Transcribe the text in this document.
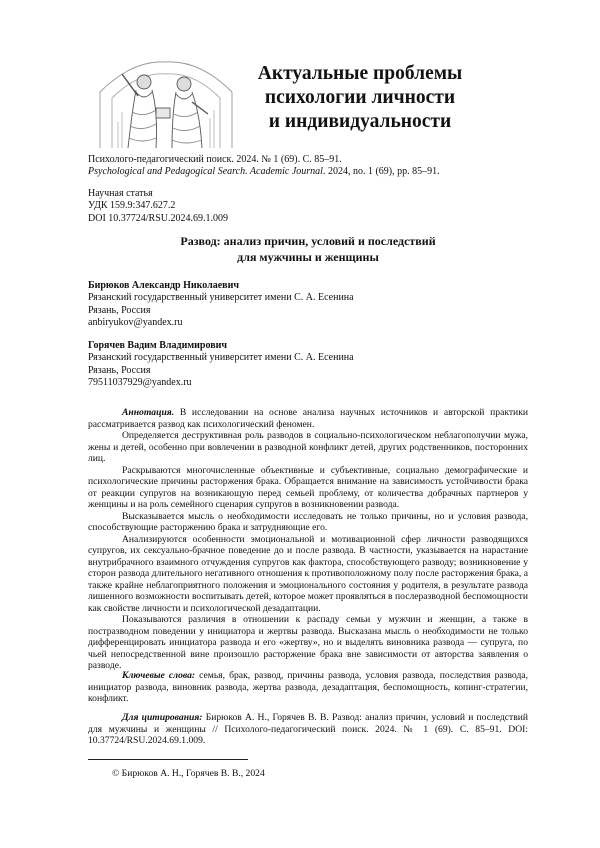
Актуальные проблемы
психологии личности
и индивидуальности
Психолого-педагогический поиск. 2024. № 1 (69). С. 85–91.
Psychological and Pedagogical Search. Academic Journal. 2024, no. 1 (69), pp. 85–91.
Научная статья
УДК 159.9:347.627.2
DOI 10.37724/RSU.2024.69.1.009
Развод: анализ причин, условий и последствий
для мужчины и женщины
Бирюков Александр Николаевич
Рязанский государственный университет имени С. А. Есенина
Рязань, Россия
anbiryukov@yandex.ru
Горячев Вадим Владимирович
Рязанский государственный университет имени С. А. Есенина
Рязань, Россия
79511037929@yandex.ru

Аннотация. В исследовании на основе анализа научных источников и авторской практики рассматривается развод как психологический феномен.

Определяется деструктивная роль разводов в социально-психологическом неблагополучии мужа, жены и детей, особенно при вовлечении в разводной конфликт детей, других родственников, посторонних лиц.

Раскрываются многочисленные объективные и субъективные, социально демографические и психологические причины расторжения брака. Обращается внимание на зависимость устойчивости брака от реакции супругов на возникающую перед семьей проблему, от количества добрачных партнеров у женщины и на роль семейного сценария супругов в возникновении развода.

Высказывается мысль о необходимости исследовать не только причины, но и условия развода, способствующие расторжению брака и затрудняющие его.

Анализируются особенности эмоциональной и мотивационной сфер личности разводящихся супругов, их сексуально-брачное поведение до и после развода. В частности, указывается на нарастание внутрибрачного взаимного отчуждения супругов как фактора, способствующего разводу; возникновение у сторон развода длительного негативного отношения к противоположному полу после расторжения брака, а также крайне неблагоприятного положения и эмоционального состояния у родителя, в результате развода лишенного возможности воспитывать детей, которое может проявляться в послеразводной беспомощности как свойстве личности и психологической дезадаптации.

Показываются различия в отношении к распаду семьи у мужчин и женщин, а также в постразводном поведении у инициатора и жертвы развода. Высказана мысль о необходимости не только дифференцировать инициатора развода и его «жертву», но и выделять виновника развода — супруга, по чьей непосредственной вине произошло расторжение брака вне зависимости от авторства заявления о разводе.

Ключевые слова: семья, брак, развод, причины развода, условия развода, последствия развода, инициатор развода, виновник развода, жертва развода, дезадаптация, беспомощность, копинг-стратегии, конфликт.

Для цитирования: Бирюков А. Н., Горячев В. В. Развод: анализ причин, условий и последствий для мужчины и женщины // Психолого-педагогический поиск. 2024. № 1 (69). С. 85–91. DOI: 10.37724/RSU.2024.69.1.009.

© Бирюков А. Н., Горячев В. В., 2024
